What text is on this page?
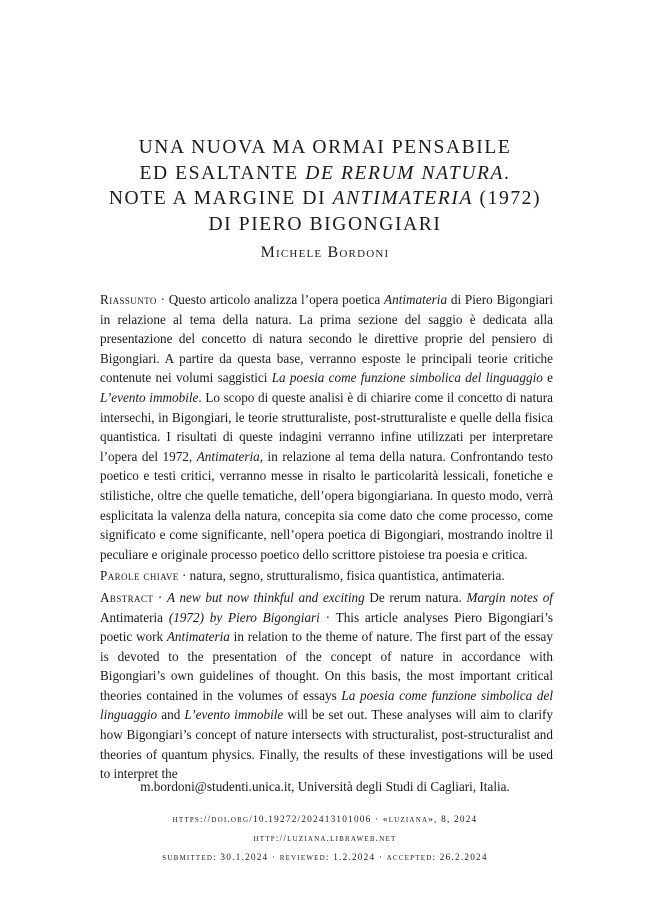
UNA NUOVA MA ORMAI PENSABILE
ED ESALTANTE DE RERUM NATURA.
NOTE A MARGINE DI ANTIMATERIA (1972)
DI PIERO BIGONGIARI
Michele Bordoni

Riassunto · Questo articolo analizza l’opera poetica Antimateria di Piero Bigongiari in relazione al tema della natura. La prima sezione del saggio è dedicata alla presentazione del concetto di natura secondo le direttive proprie del pensiero di Bigongiari. A partire da questa base, verranno esposte le principali teorie critiche contenute nei volumi saggistici La poesia come funzione simbolica del linguaggio e L’evento immobile. Lo scopo di queste analisi è di chiarire come il concetto di natura intersechi, in Bigongiari, le teorie strutturaliste, post-strutturaliste e quelle della fisica quantistica. I risultati di queste indagini verranno infine utilizzati per interpretare l’opera del 1972, Antimateria, in relazione al tema della natura. Confrontando testo poetico e testi critici, verranno messe in risalto le particolarità lessicali, fonetiche e stilistiche, oltre che quelle tematiche, dell’opera bigongiariana. In questo modo, verrà esplicitata la valenza della natura, concepita sia come dato che come processo, come significato e come significante, nell’opera poetica di Bigongiari, mostrando inoltre il peculiare e originale processo poetico dello scrittore pistoiese tra poesia e critica.

Parole chiave · natura, segno, strutturalismo, fisica quantistica, antimateria.

Abstract · A new but now thinkful and exciting De rerum natura. Margin notes of Antimateria (1972) by Piero Bigongiari · This article analyses Piero Bigongiari’s poetic work Antimateria in relation to the theme of nature. The first part of the essay is devoted to the presentation of the concept of nature in accordance with Bigongiari’s own guidelines of thought. On this basis, the most important critical theories contained in the volumes of essays La poesia come funzione simbolica del linguaggio and L’evento immobile will be set out. These analyses will aim to clarify how Bigongiari’s concept of nature intersects with structuralist, post-structuralist and theories of quantum physics. Finally, the results of these investigations will be used to interpret the

m.bordoni@studenti.unica.it, Università degli Studi di Cagliari, Italia.
https://doi.org/10.19272/202413101006 · «luziana», 8, 2024
http://luziana.libraweb.net
submitted: 30.1.2024 · reviewed: 1.2.2024 · accepted: 26.2.2024
